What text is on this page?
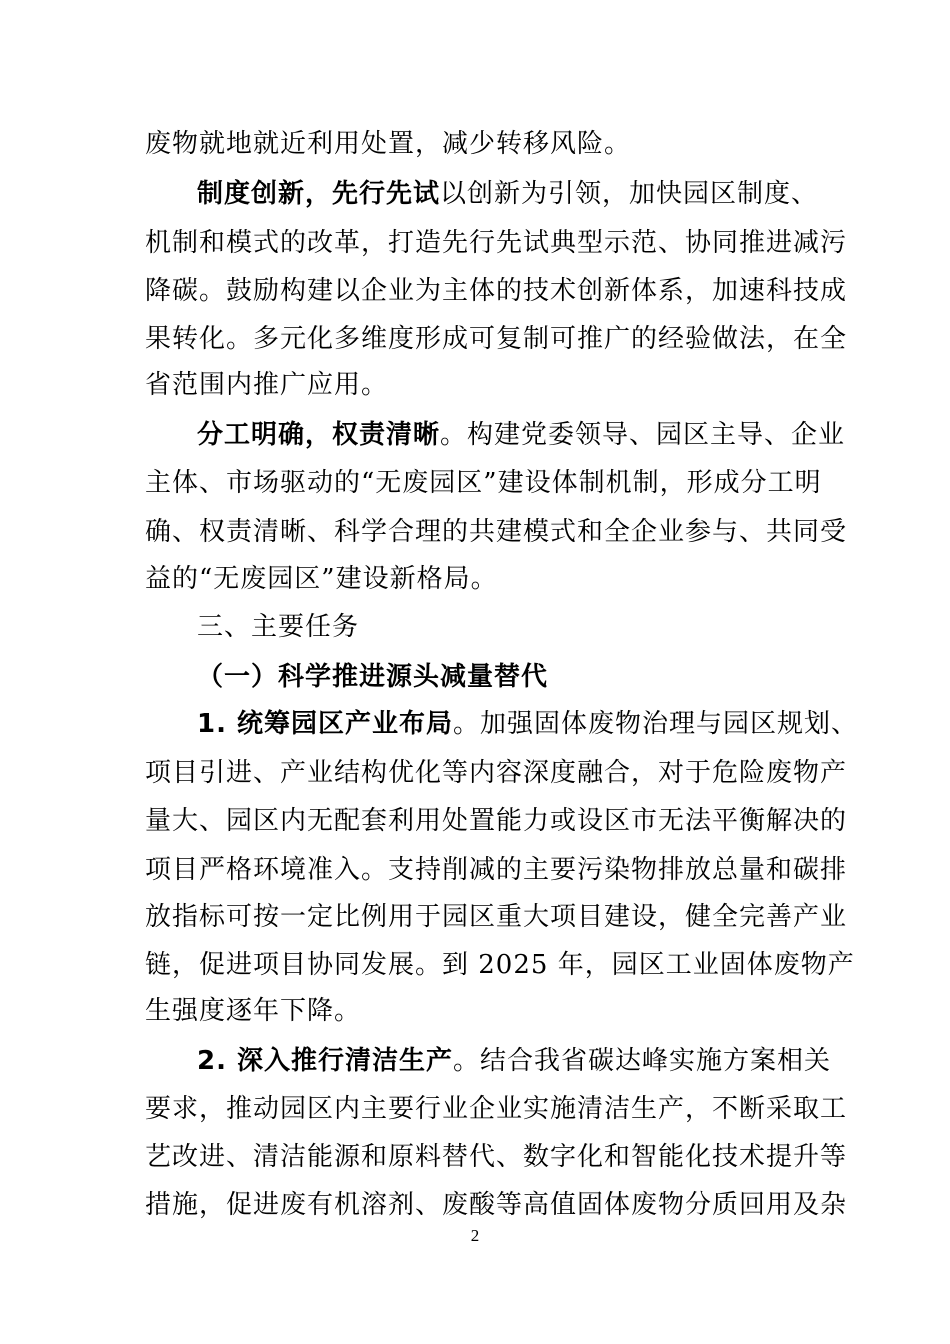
废物就地就近利用处置，减少转移风险。
制度创新，先行先试以创新为引领，加快园区制度、
机制和模式的改革，打造先行先试典型示范、协同推进减污
降碳。鼓励构建以企业为主体的技术创新体系，加速科技成
果转化。多元化多维度形成可复制可推广的经验做法，在全
省范围内推广应用。
分工明确，权责清晰。构建党委领导、园区主导、企业
主体、市场驱动的“无废园区”建设体制机制，形成分工明
确、权责清晰、科学合理的共建模式和全企业参与、共同受
益的“无废园区”建设新格局。
三、主要任务
（一）科学推进源头减量替代
1. 统筹园区产业布局。加强固体废物治理与园区规划、
项目引进、产业结构优化等内容深度融合，对于危险废物产
量大、园区内无配套利用处置能力或设区市无法平衡解决的
项目严格环境准入。支持削减的主要污染物排放总量和碳排
放指标可按一定比例用于园区重大项目建设，健全完善产业
链，促进项目协同发展。到 2025 年，园区工业固体废物产
生强度逐年下降。
2. 深入推行清洁生产。结合我省碳达峰实施方案相关
要求，推动园区内主要行业企业实施清洁生产，不断采取工
艺改进、清洁能源和原料替代、数字化和智能化技术提升等
措施，促进废有机溶剂、废酸等高值固体废物分质回用及杂
2
